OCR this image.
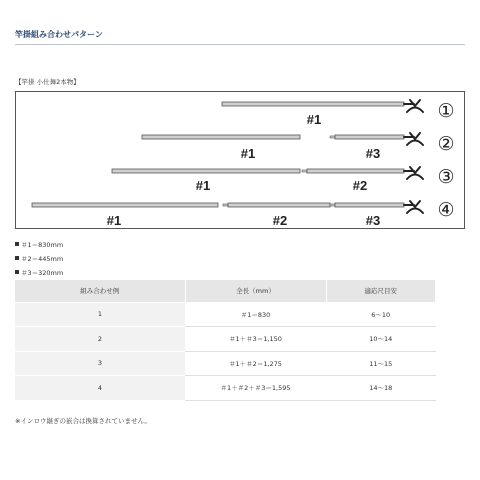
竿掛組み合わせパターン
【竿掛 小仕舞2本物】
#1	①
#1	#3	②
#1	#2	③
#1	#2	#3	④
＃1＝830mm
＃2＝445mm
＃3＝320mm
組み合わせ例	全長（mm）	適応尺目安
1	＃1＝830	6〜10
2	＃1＋＃3＝1,150	10〜14
3	＃1＋＃2＝1,275	11〜15
4	＃1＋＃2＋＃3＝1,595	14〜18
※インロウ継ぎの嵌合は換算されていません。
